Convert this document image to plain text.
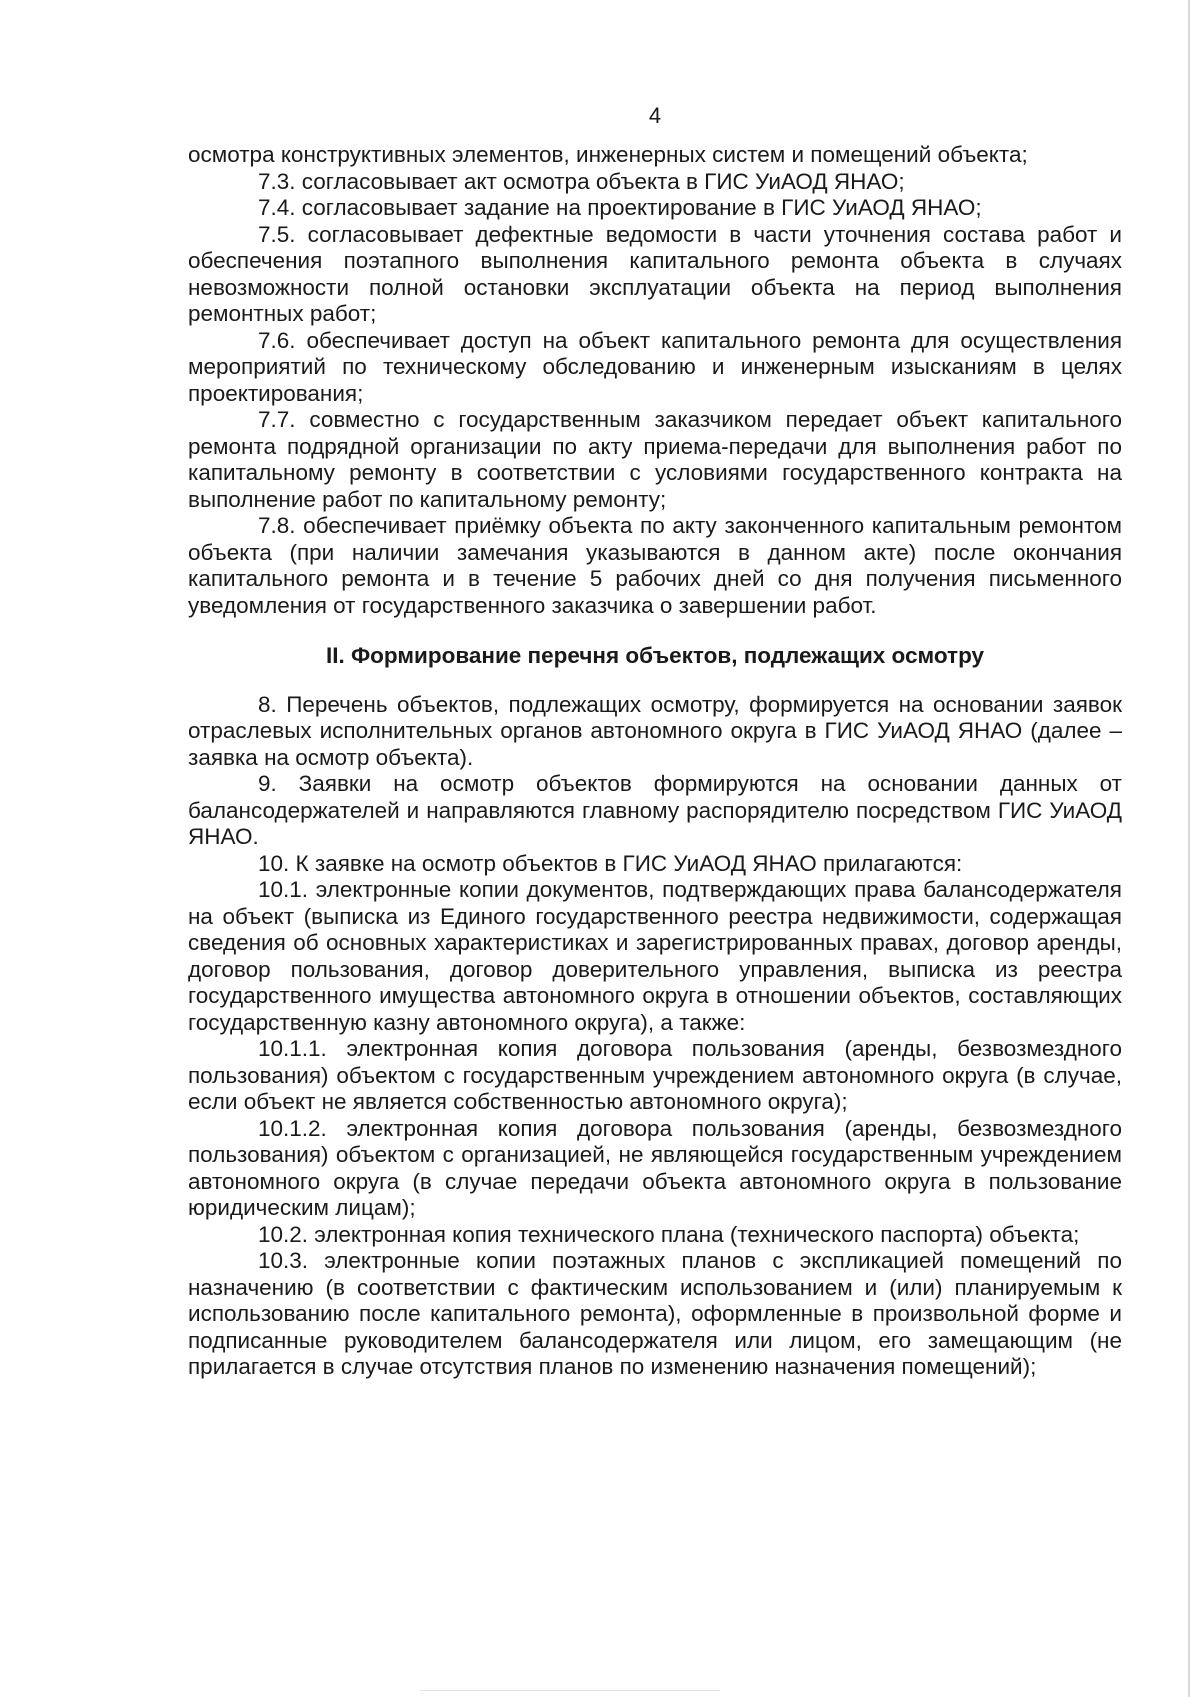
4

осмотра конструктивных элементов, инженерных систем и помещений объекта;

7.3. согласовывает акт осмотра объекта в ГИС УиАОД ЯНАО;

7.4. согласовывает задание на проектирование в ГИС УиАОД ЯНАО;

7.5. согласовывает дефектные ведомости в части уточнения состава работ и обеспечения поэтапного выполнения капитального ремонта объекта в случаях невозможности полной остановки эксплуатации объекта на период выполнения ремонтных работ;

7.6. обеспечивает доступ на объект капитального ремонта для осуществления мероприятий по техническому обследованию и инженерным изысканиям в целях проектирования;

7.7. совместно с государственным заказчиком передает объект капитального ремонта подрядной организации по акту приема-передачи для выполнения работ по капитальному ремонту в соответствии с условиями государственного контракта на выполнение работ по капитальному ремонту;

7.8. обеспечивает приёмку объекта по акту законченного капитальным ремонтом объекта (при наличии замечания указываются в данном акте) после окончания капитального ремонта и в течение 5 рабочих дней со дня получения письменного уведомления от государственного заказчика о завершении работ.

II. Формирование перечня объектов, подлежащих осмотру

8. Перечень объектов, подлежащих осмотру, формируется на основании заявок отраслевых исполнительных органов автономного округа в ГИС УиАОД ЯНАО (далее – заявка на осмотр объекта).

9. Заявки на осмотр объектов формируются на основании данных от балансодержателей и направляются главному распорядителю посредством ГИС УиАОД ЯНАО.

10. К заявке на осмотр объектов в ГИС УиАОД ЯНАО прилагаются:

10.1. электронные копии документов, подтверждающих права балансодержателя на объект (выписка из Единого государственного реестра недвижимости, содержащая сведения об основных характеристиках и зарегистрированных правах, договор аренды, договор пользования, договор доверительного управления, выписка из реестра государственного имущества автономного округа в отношении объектов, составляющих государственную казну автономного округа), а также:

10.1.1. электронная копия договора пользования (аренды, безвозмездного пользования) объектом с государственным учреждением автономного округа (в случае, если объект не является собственностью автономного округа);

10.1.2. электронная копия договора пользования (аренды, безвозмездного пользования) объектом с организацией, не являющейся государственным учреждением автономного округа (в случае передачи объекта автономного округа в пользование юридическим лицам);

10.2. электронная копия технического плана (технического паспорта) объекта;

10.3. электронные копии поэтажных планов с экспликацией помещений по назначению (в соответствии с фактическим использованием и (или) планируемым к использованию после капитального ремонта), оформленные в произвольной форме и подписанные руководителем балансодержателя или лицом, его замещающим (не прилагается в случае отсутствия планов по изменению назначения помещений);
